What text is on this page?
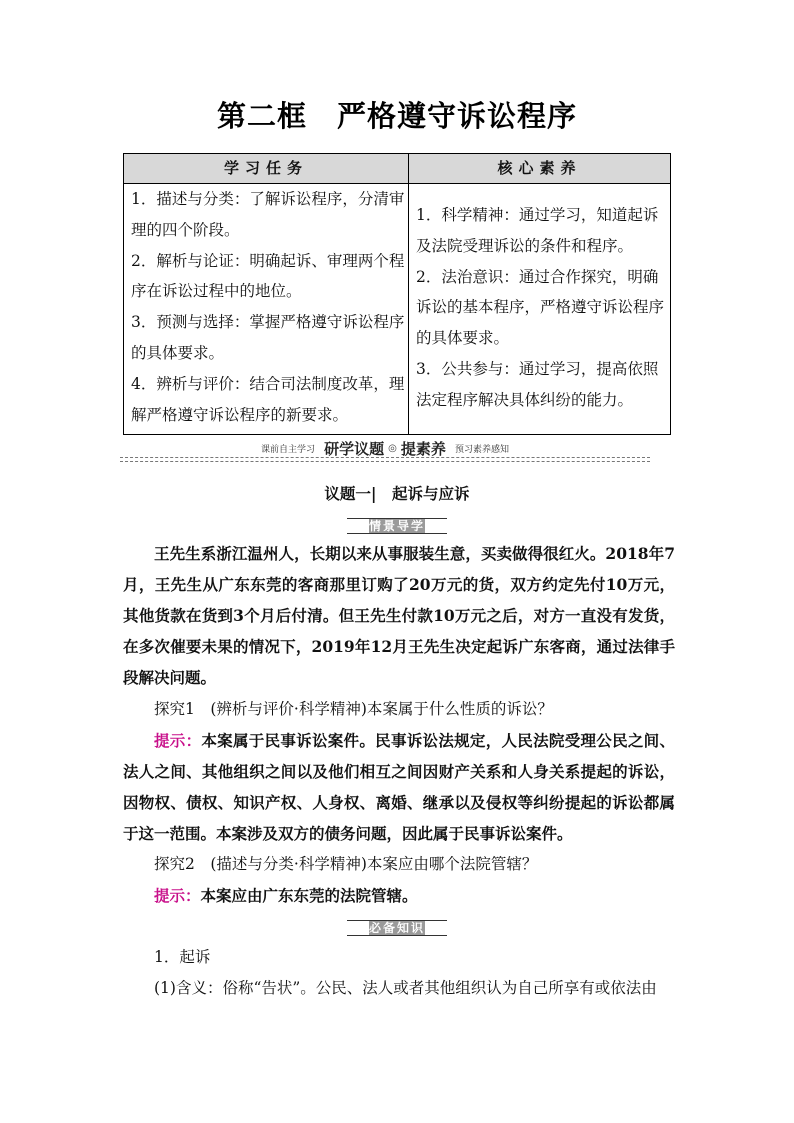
第二框　严格遵守诉讼程序
学习任务	核心素养

1．描述与分类：了解诉讼程序，分清审理的四个阶段。

2．解析与论证：明确起诉、审理两个程序在诉讼过程中的地位。

3．预测与选择：掌握严格遵守诉讼程序的具体要求。

4．辨析与评价：结合司法制度改革，理解严格遵守诉讼程序的新要求。

1．科学精神：通过学习，知道起诉及法院受理诉讼的条件和程序。

2．法治意识：通过合作探究，明确诉讼的基本程序，严格遵守诉讼程序的具体要求。

3．公共参与：通过学习，提高依照法定程序解决具体纠纷的能力。

课前自主学习 研学议题 ◎ 提素养 预习素养感知
议题一|　起诉与应诉
情景导学
王先生系浙江温州人，长期以来从事服装生意，买卖做得很红火。2018年7月，王先生从广东东莞的客商那里订购了20万元的货，双方约定先付10万元，其他货款在货到3个月后付清。但王先生付款10万元之后，对方一直没有发货，在多次催要未果的情况下，2019年12月王先生决定起诉广东客商，通过法律手段解决问题。
探究1　(辨析与评价·科学精神)本案属于什么性质的诉讼？
提示：本案属于民事诉讼案件。民事诉讼法规定，人民法院受理公民之间、法人之间、其他组织之间以及他们相互之间因财产关系和人身关系提起的诉讼，因物权、债权、知识产权、人身权、离婚、继承以及侵权等纠纷提起的诉讼都属于这一范围。本案涉及双方的债务问题，因此属于民事诉讼案件。
探究2　(描述与分类·科学精神)本案应由哪个法院管辖？
提示：本案应由广东东莞的法院管辖。
必备知识
1．起诉
(1)含义：俗称“告状”。公民、法人或者其他组织认为自己所享有或依法由
